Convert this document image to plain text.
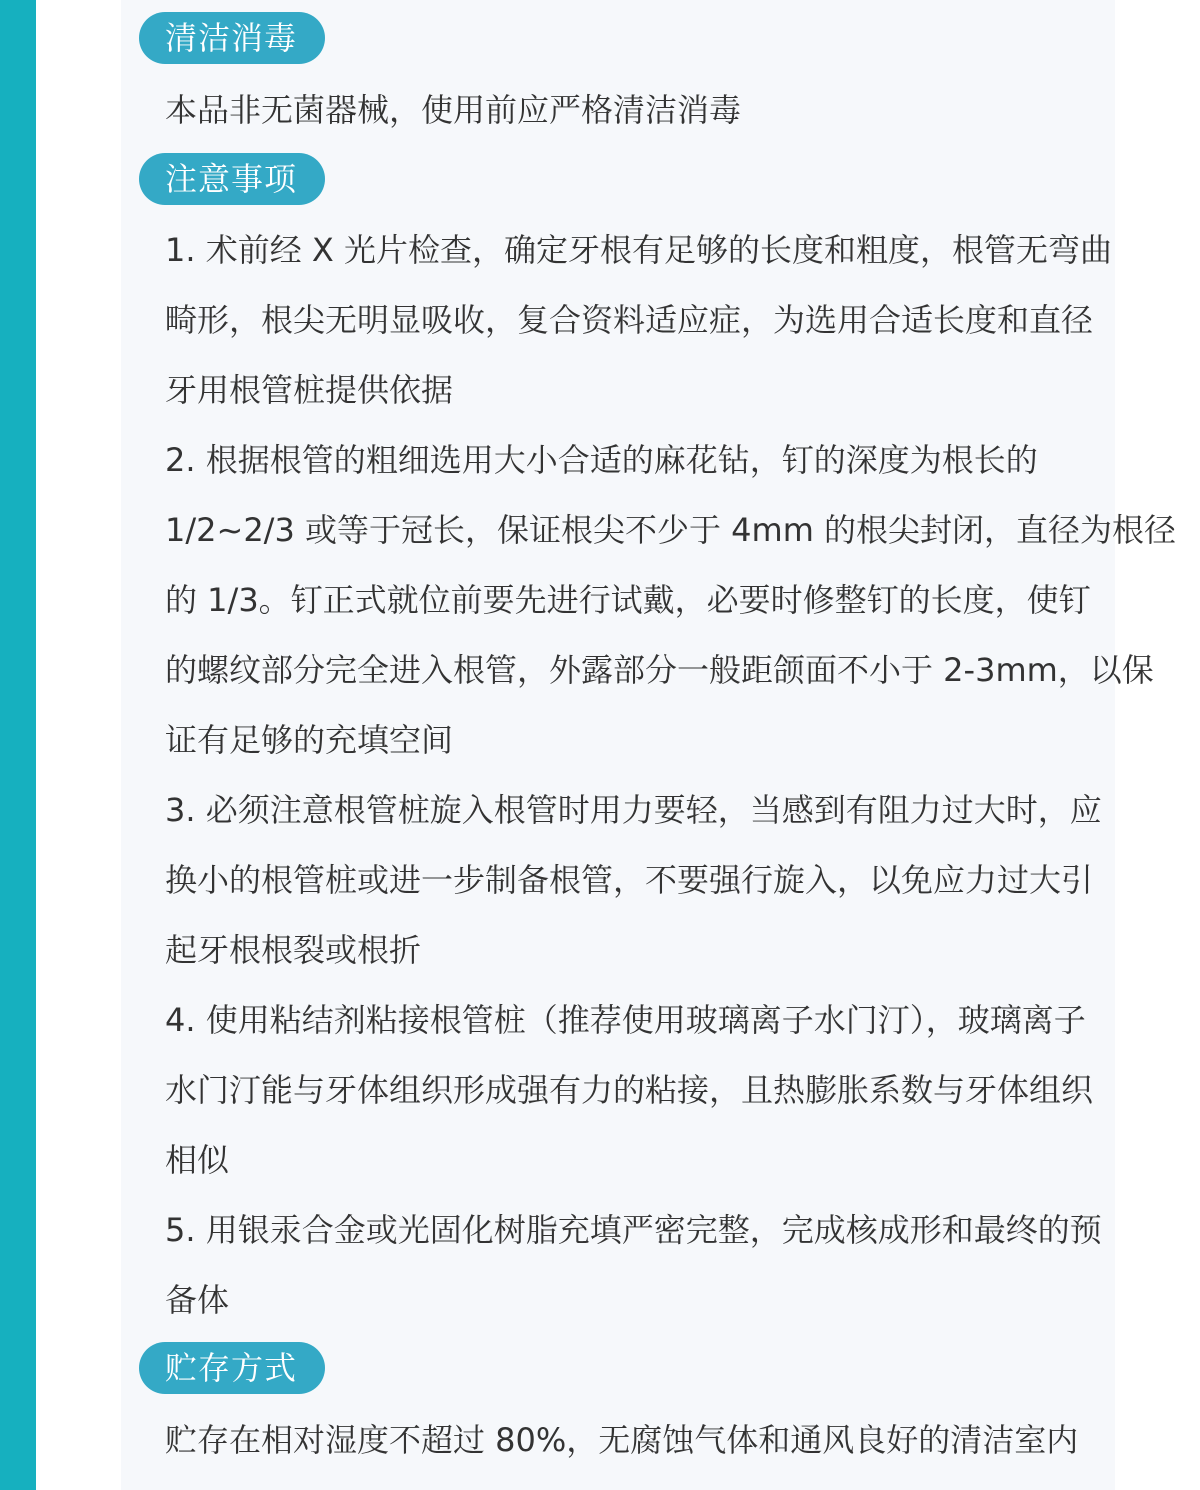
清洁消毒
本品非无菌器械，使用前应严格清洁消毒
注意事项
1. 术前经 X 光片检查，确定牙根有足够的长度和粗度，根管无弯曲
畸形，根尖无明显吸收，复合资料适应症，为选用合适长度和直径
牙用根管桩提供依据
2. 根据根管的粗细选用大小合适的麻花钻，钉的深度为根长的
1/2~2/3 或等于冠长，保证根尖不少于 4mm 的根尖封闭，直径为根径
的 1/3。钉正式就位前要先进行试戴，必要时修整钉的长度，使钉
的螺纹部分完全进入根管，外露部分一般距颌面不小于 2-3mm，以保
证有足够的充填空间
3. 必须注意根管桩旋入根管时用力要轻，当感到有阻力过大时，应
换小的根管桩或进一步制备根管，不要强行旋入，以免应力过大引
起牙根根裂或根折
4. 使用粘结剂粘接根管桩（推荐使用玻璃离子水门汀），玻璃离子
水门汀能与牙体组织形成强有力的粘接，且热膨胀系数与牙体组织
相似
5. 用银汞合金或光固化树脂充填严密完整，完成核成形和最终的预
备体
贮存方式
贮存在相对湿度不超过 80%，无腐蚀气体和通风良好的清洁室内
